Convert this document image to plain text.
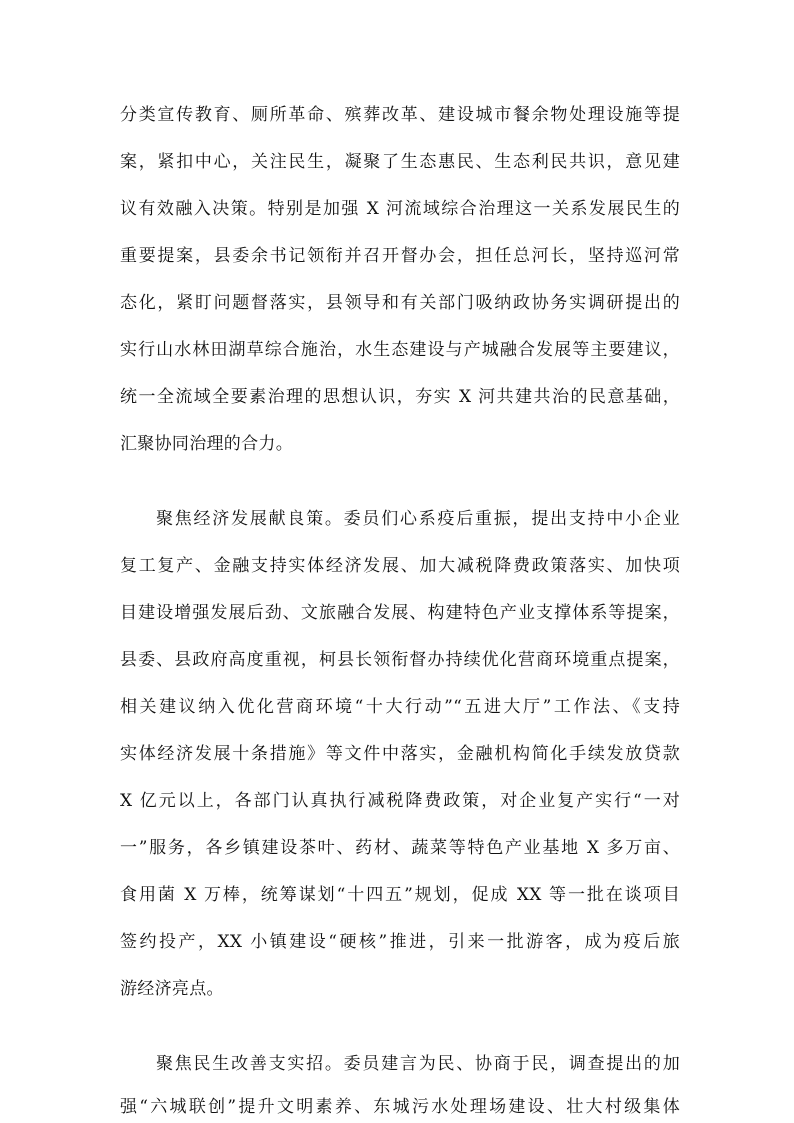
分类宣传教育、厕所革命、殡葬改革、建设城市餐余物处理设施等提
案，紧扣中心，关注民生，凝聚了生态惠民、生态利民共识，意见建
议有效融入决策。特别是加强 X 河流域综合治理这一关系发展民生的
重要提案，县委余书记领衔并召开督办会，担任总河长，坚持巡河常
态化，紧盯问题督落实，县领导和有关部门吸纳政协务实调研提出的
实行山水林田湖草综合施治，水生态建设与产城融合发展等主要建议，
统一全流域全要素治理的思想认识，夯实 X 河共建共治的民意基础，
汇聚协同治理的合力。
聚焦经济发展献良策。委员们心系疫后重振，提出支持中小企业
复工复产、金融支持实体经济发展、加大减税降费政策落实、加快项
目建设增强发展后劲、文旅融合发展、构建特色产业支撑体系等提案，
县委、县政府高度重视，柯县长领衔督办持续优化营商环境重点提案，
相关建议纳入优化营商环境“十大行动”“五进大厅”工作法、《支持
实体经济发展十条措施》等文件中落实，金融机构简化手续发放贷款
X 亿元以上，各部门认真执行减税降费政策，对企业复产实行“一对
一”服务，各乡镇建设茶叶、药材、蔬菜等特色产业基地 X 多万亩、
食用菌 X 万棒，统筹谋划“十四五”规划，促成 XX 等一批在谈项目
签约投产，XX 小镇建设“硬核”推进，引来一批游客，成为疫后旅
游经济亮点。
聚焦民生改善支实招。委员建言为民、协商于民，调查提出的加
强“六城联创”提升文明素养、东城污水处理场建设、壮大村级集体
